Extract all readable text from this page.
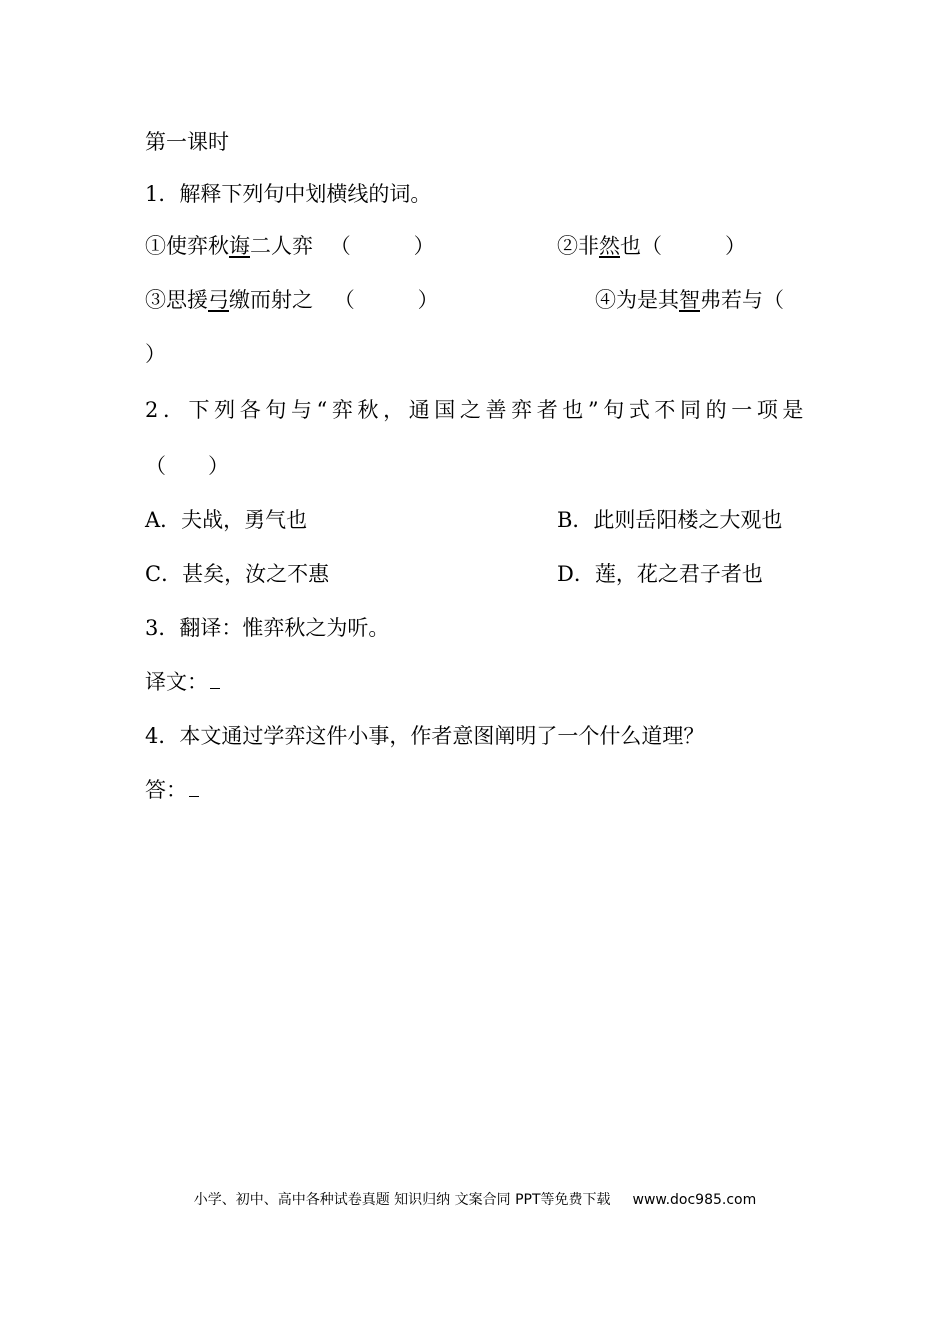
第一课时
1．解释下列句中划横线的词。
①使弈秋诲二人弈 （　　　）	②非然也（　　　）
③思援弓缴而射之 （　　　）	④为是其智弗若与（
）
2．下列各句与“弈秋，通国之善弈者也”句式不同的一项是
（　　）
A．夫战，勇气也	B．此则岳阳楼之大观也
C．甚矣，汝之不惠	D．莲，花之君子者也
3．翻译：惟弈秋之为听。
译文：
4．本文通过学弈这件小事，作者意图阐明了一个什么道理？
答：
小学、初中、高中各种试卷真题 知识归纳 文案合同 PPT等免费下载 www.doc985.com
